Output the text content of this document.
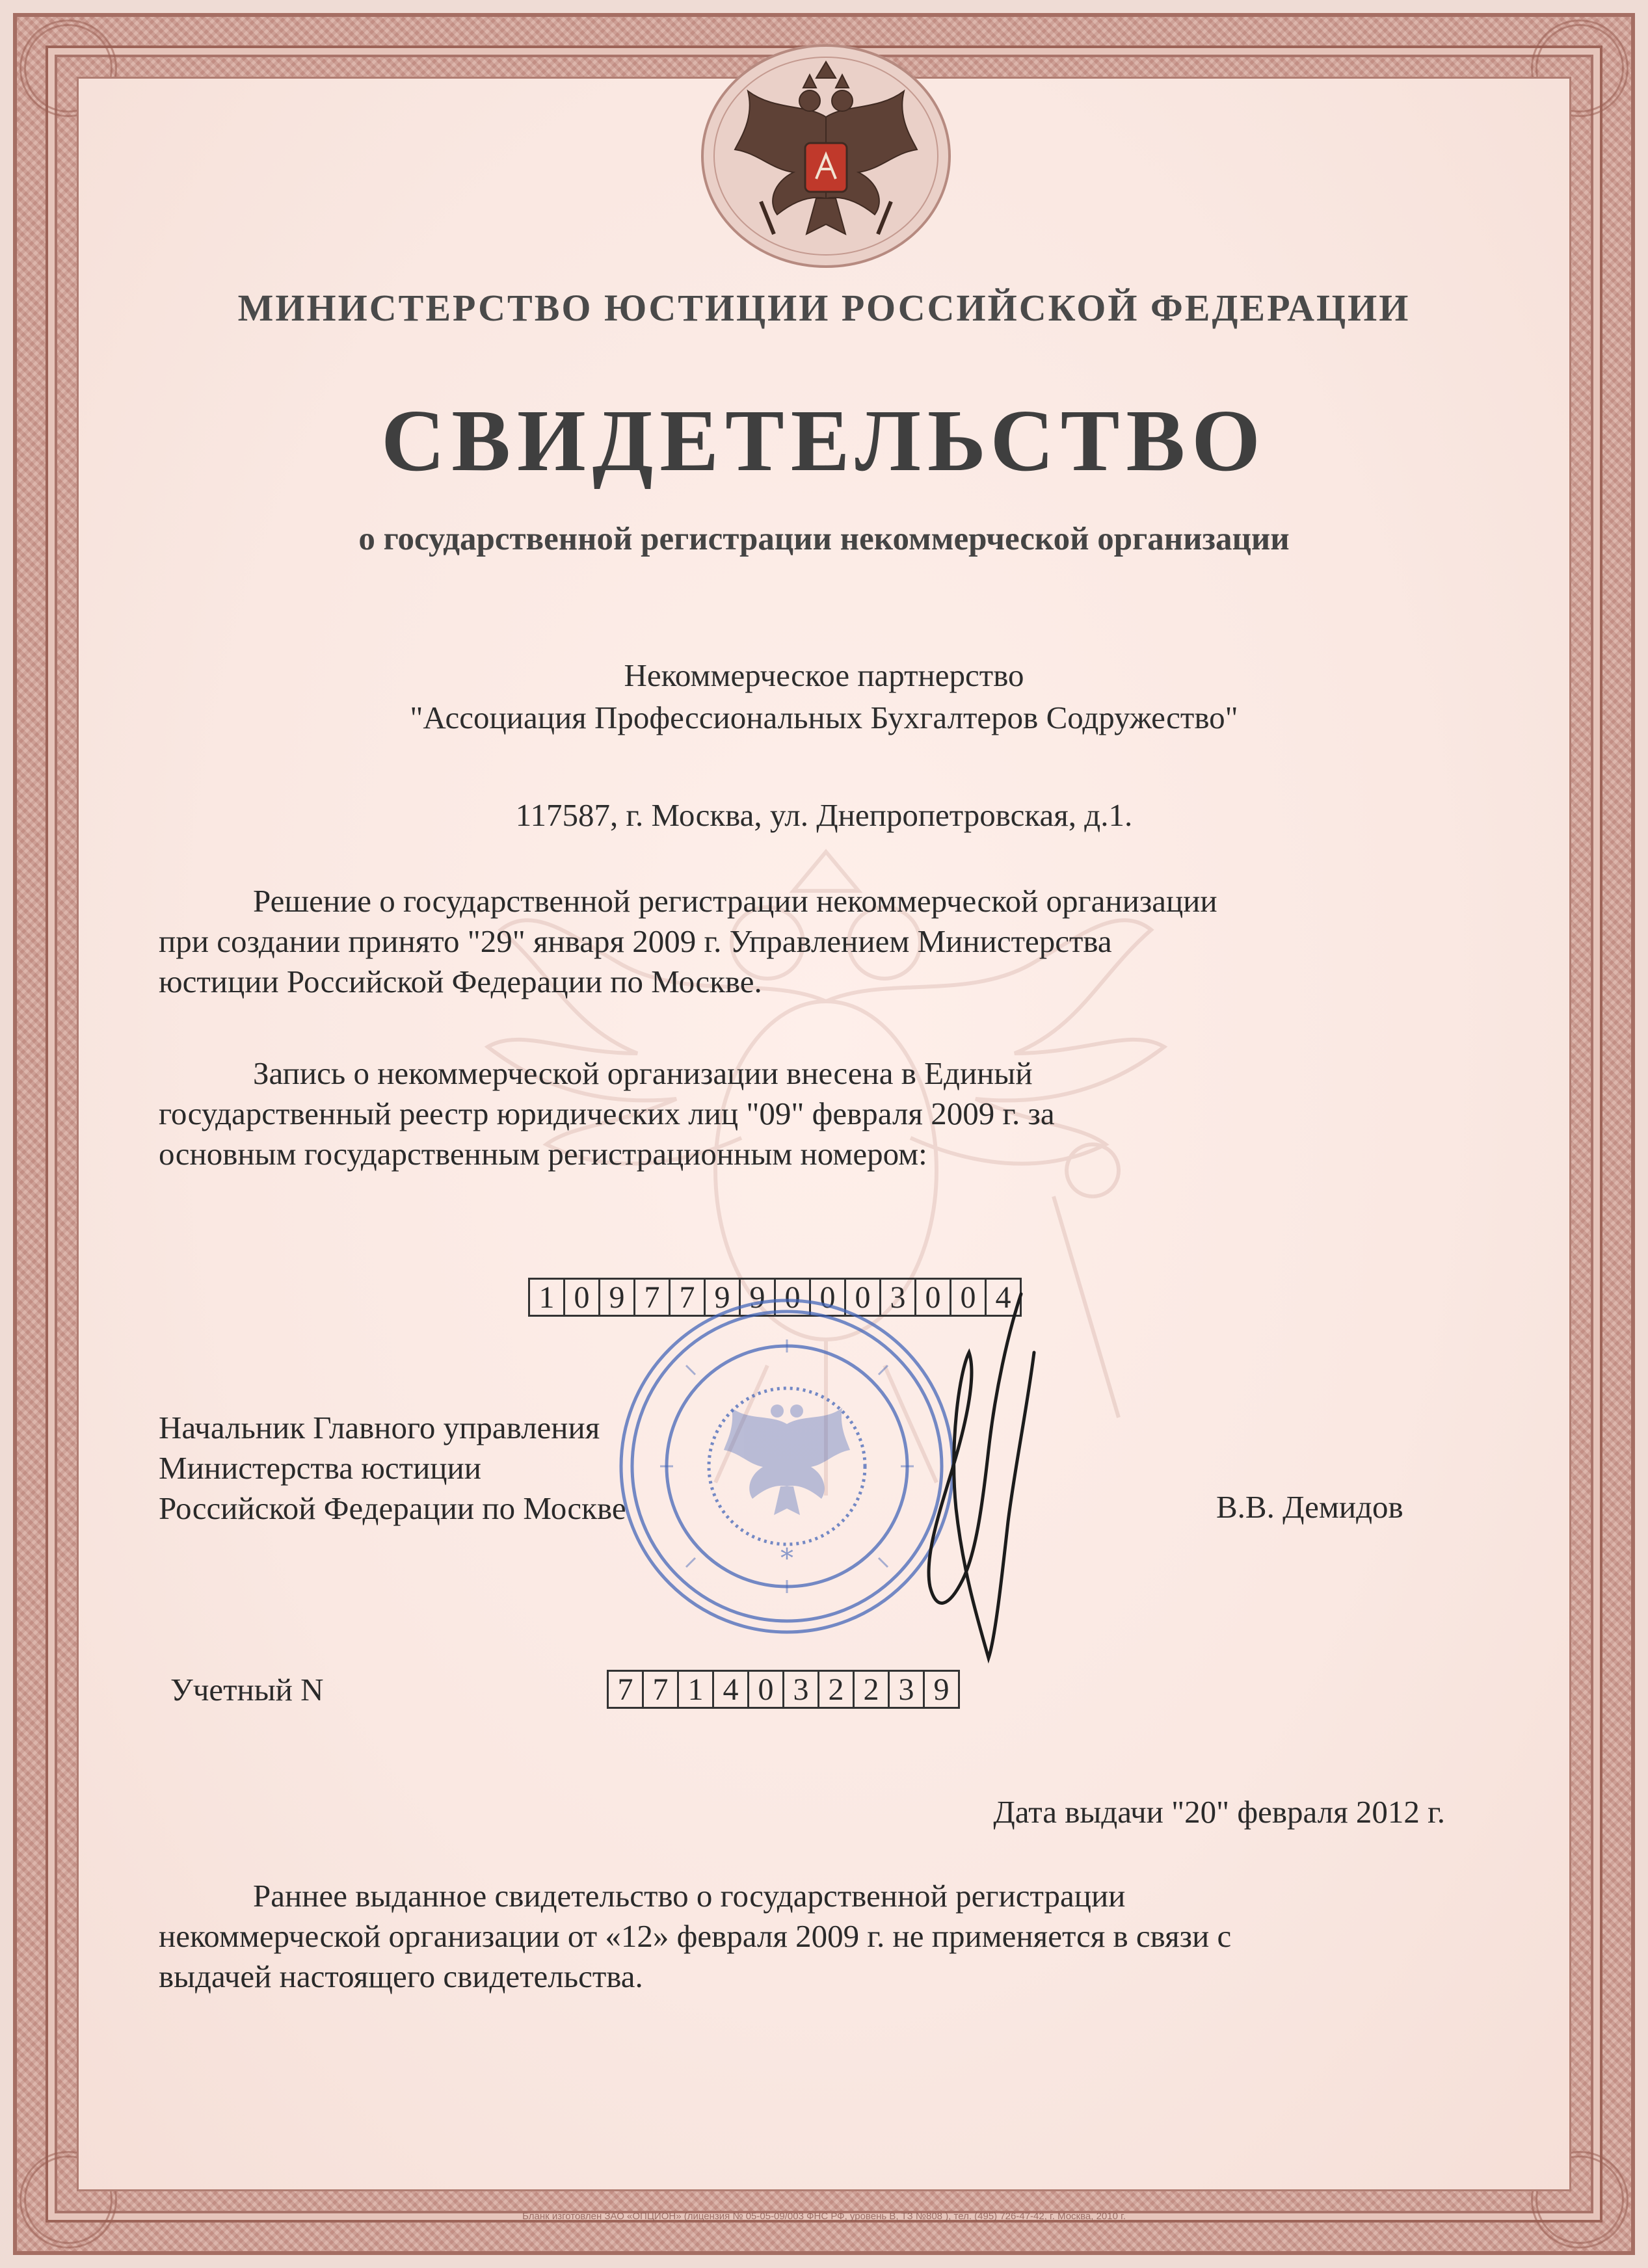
МИНИСТЕРСТВО ЮСТИЦИИ РОССИЙСКОЙ ФЕДЕРАЦИИ
СВИДЕТЕЛЬСТВО
о государственной регистрации некоммерческой организации
Некоммерческое партнерство
"Ассоциация Профессиональных Бухгалтеров Содружество"
117587, г. Москва, ул. Днепропетровская, д.1.
Решение о государственной регистрации некоммерческой организации
при создании принято "29" января 2009 г. Управлением Министерства
юстиции Российской Федерации по Москве.
Запись о некоммерческой организации внесена в Единый
государственный реестр юридических лиц "09" февраля 2009 г. за
основным государственным регистрационным номером:
1 0 9 7 7 9 9 0 0 0 3 0 0 4
Начальник Главного управления
Министерства юстиции
Российской Федерации по Москве	В.В. Демидов
*
Учетный N	7 7 1 4 0 3 2 2 3 9
Дата выдачи "20" февраля 2012 г.
Раннее выданное свидетельство о государственной регистрации
некоммерческой организации от «12» февраля 2009 г. не применяется в связи с
выдачей настоящего свидетельства.
Бланк изготовлен ЗАО «ОПЦИОН» (лицензия № 05-05-09/003 ФНС РФ, уровень В, ТЗ №808 ), тел. (495) 726-47-42, г. Москва, 2010 г.
